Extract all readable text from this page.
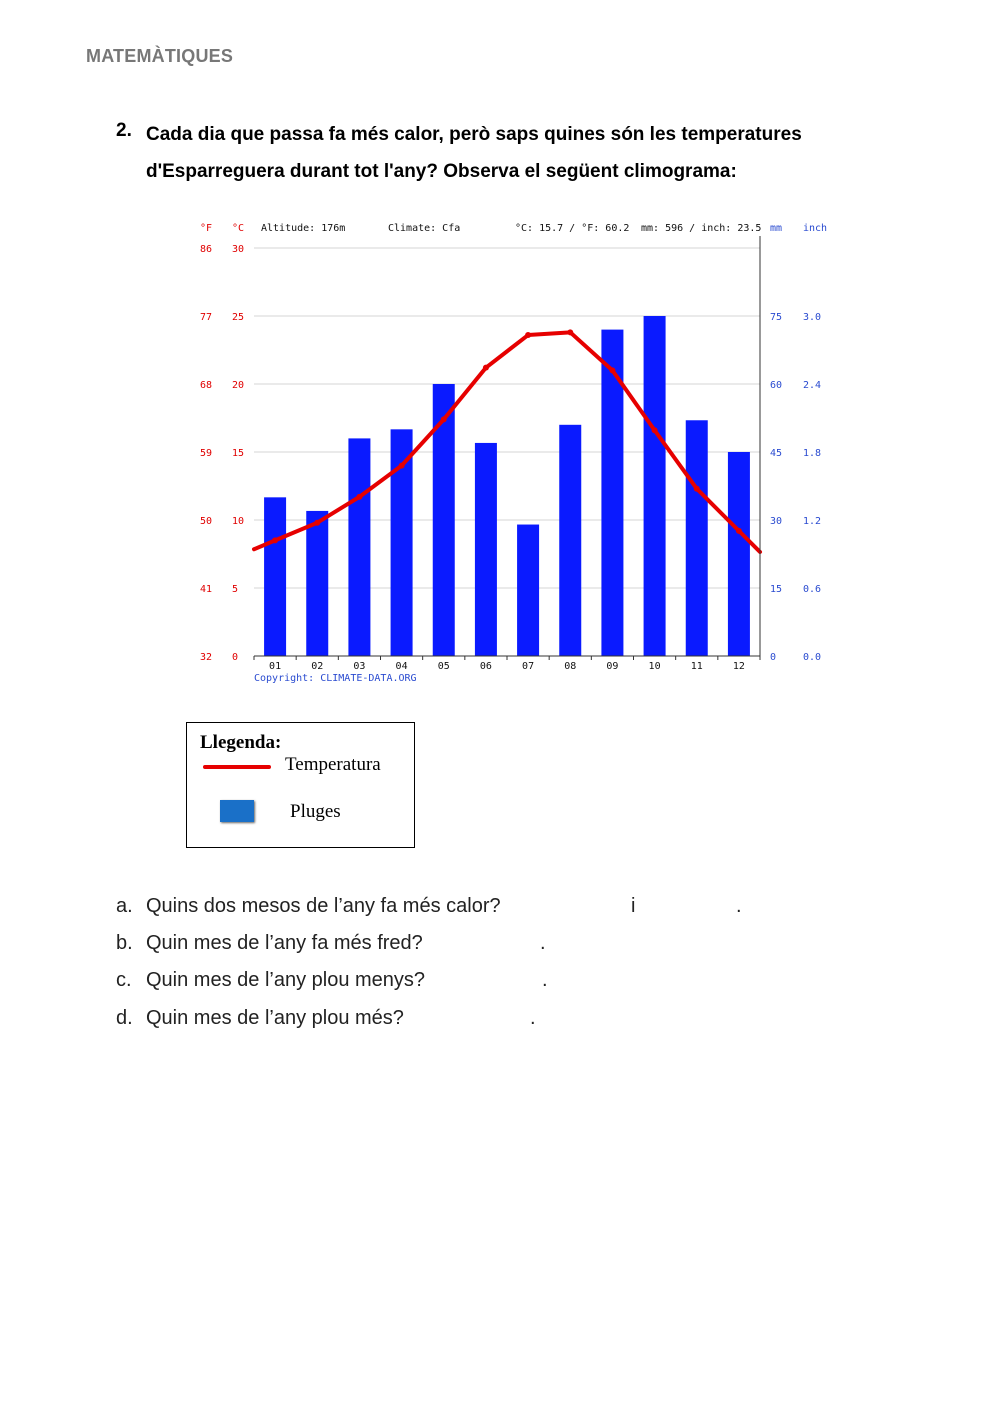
MATEMÀTIQUES
2. Cada dia que passa fa més calor, però saps quines són les temperatures d'Esparreguera durant tot l'any? Observa el següent climograma:
32 0
41 5
50 10
59 15
68 20
77 25
86 30
0	0.0
15 0.6
30 1.2
45 1.8
60 2.4
75 3.0
01	02	03	04	05	06	07	08	09	10	11	12
°F °C Altitude: 176m	Climate: Cfa	°C: 15.7 / °F: 60.2 mm: 596 / inch: 23.5 mm inch
Copyright: CLIMATE-DATA.ORG
Llegenda:
Temperatura
Pluges
a. Quins dos mesos de l’any fa més calor?	i	.
b. Quin mes de l’any fa més fred?	.
c. Quin mes de l’any plou menys?	.
d. Quin mes de l’any plou més?	.
